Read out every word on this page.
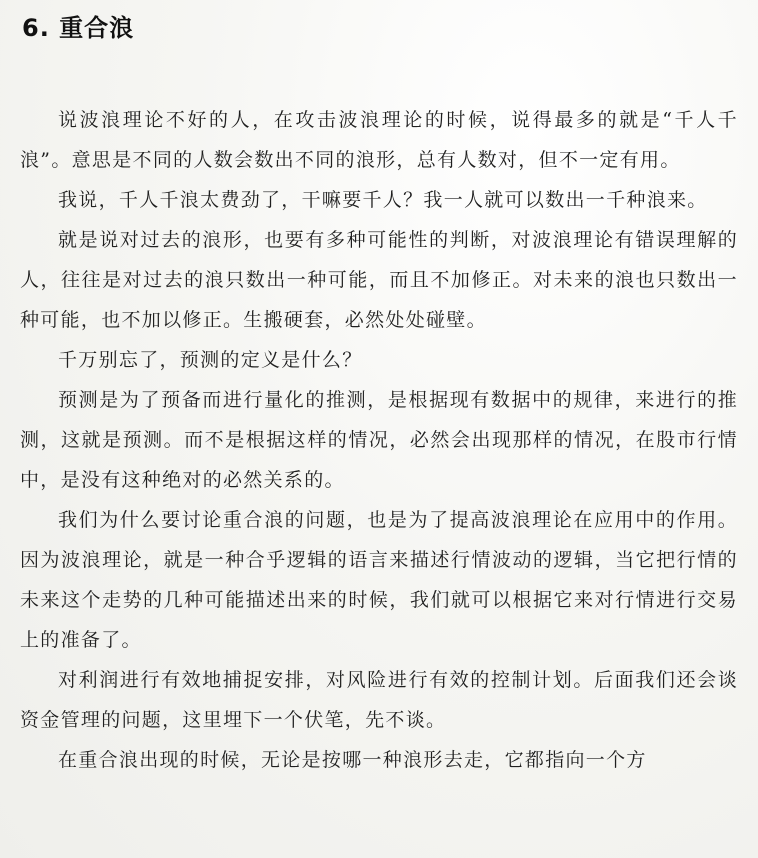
6. 重合浪

说波浪理论不好的人，在攻击波浪理论的时候，说得最多的就是“千人千浪”。意思是不同的人数会数出不同的浪形，总有人数对，但不一定有用。

我说，千人千浪太费劲了，干嘛要千人？我一人就可以数出一千种浪来。

就是说对过去的浪形，也要有多种可能性的判断，对波浪理论有错误理解的人，往往是对过去的浪只数出一种可能，而且不加修正。对未来的浪也只数出一种可能，也不加以修正。生搬硬套，必然处处碰壁。

千万别忘了，预测的定义是什么？

预测是为了预备而进行量化的推测，是根据现有数据中的规律，来进行的推测，这就是预测。而不是根据这样的情况，必然会出现那样的情况，在股市行情中，是没有这种绝对的必然关系的。

我们为什么要讨论重合浪的问题，也是为了提高波浪理论在应用中的作用。因为波浪理论，就是一种合乎逻辑的语言来描述行情波动的逻辑，当它把行情的未来这个走势的几种可能描述出来的时候，我们就可以根据它来对行情进行交易上的准备了。

对利润进行有效地捕捉安排，对风险进行有效的控制计划。后面我们还会谈资金管理的问题，这里埋下一个伏笔，先不谈。

在重合浪出现的时候，无论是按哪一种浪形去走，它都指向一个方
